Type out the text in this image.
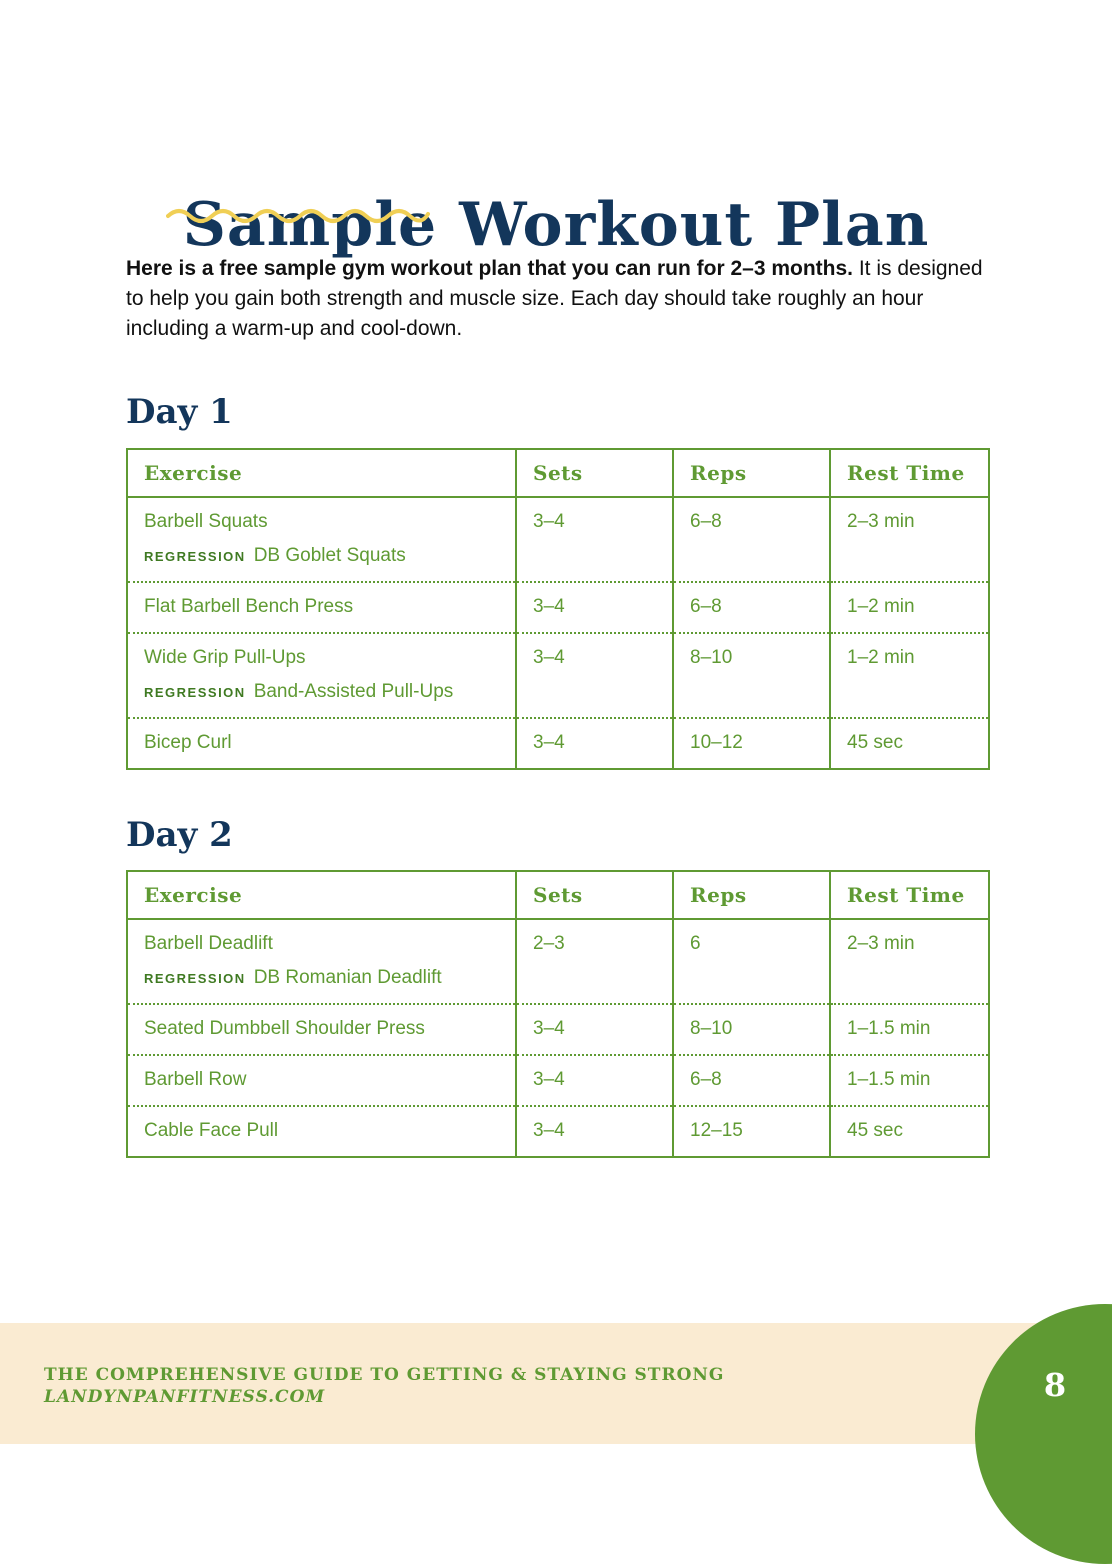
Sample Workout Plan

Here is a free sample gym workout plan that you can run for 2–3 months. It is designed to help you gain both strength and muscle size. Each day should take roughly an hour including a warm-up and cool-down.

Day 1
Exercise	Sets	Reps	Rest Time
Barbell Squats
REGRESSION DB Goblet Squats	3–4	6–8	2–3 min
Flat Barbell Bench Press	3–4	6–8	1–2 min
Wide Grip Pull-Ups
REGRESSION Band-Assisted Pull-Ups	3–4	8–10	1–2 min
Bicep Curl	3–4	10–12	45 sec
Day 2
Exercise	Sets	Reps	Rest Time
Barbell Deadlift
REGRESSION DB Romanian Deadlift	2–3	6	2–3 min
Seated Dumbbell Shoulder Press	3–4	8–10	1–1.5 min
Barbell Row	3–4	6–8	1–1.5 min
Cable Face Pull	3–4	12–15	45 sec
THE COMPREHENSIVE GUIDE TO GETTING & STAYING STRONG
LANDYNPANFITNESS.COM	8
